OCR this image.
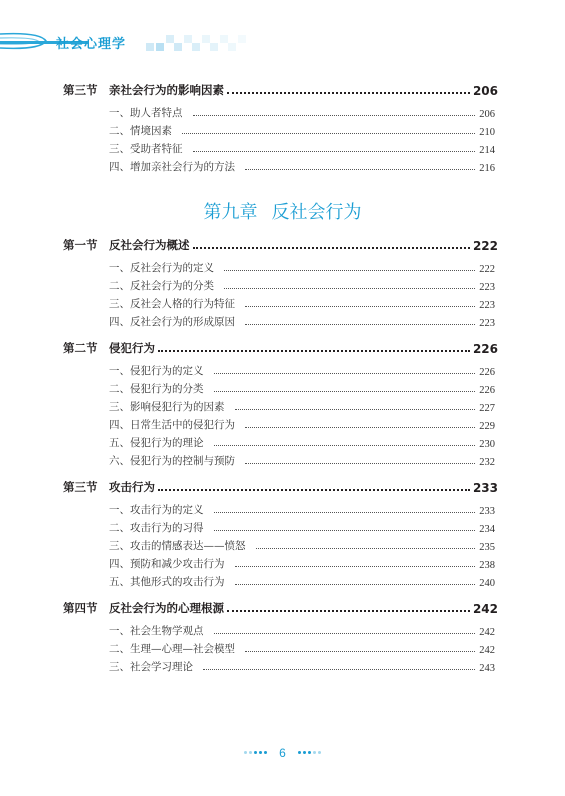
社会心理学
第三节	亲社会行为的影响因素	206
一、助人者特点	206
二、情境因素	210
三、受助者特征	214
四、增加亲社会行为的方法	216
第九章 反社会行为
第一节	反社会行为概述	222
一、反社会行为的定义	222
二、反社会行为的分类	223
三、反社会人格的行为特征	223
四、反社会行为的形成原因	223
第二节	侵犯行为	226
一、侵犯行为的定义	226
二、侵犯行为的分类	226
三、影响侵犯行为的因素	227
四、日常生活中的侵犯行为	229
五、侵犯行为的理论	230
六、侵犯行为的控制与预防	232
第三节	攻击行为	233
一、攻击行为的定义	233
二、攻击行为的习得	234
三、攻击的情感表达——愤怒	235
四、预防和减少攻击行为	238
五、其他形式的攻击行为	240
第四节	反社会行为的心理根源	242
一、社会生物学观点	242
二、生理—心理—社会模型	242
三、社会学习理论	243
6
